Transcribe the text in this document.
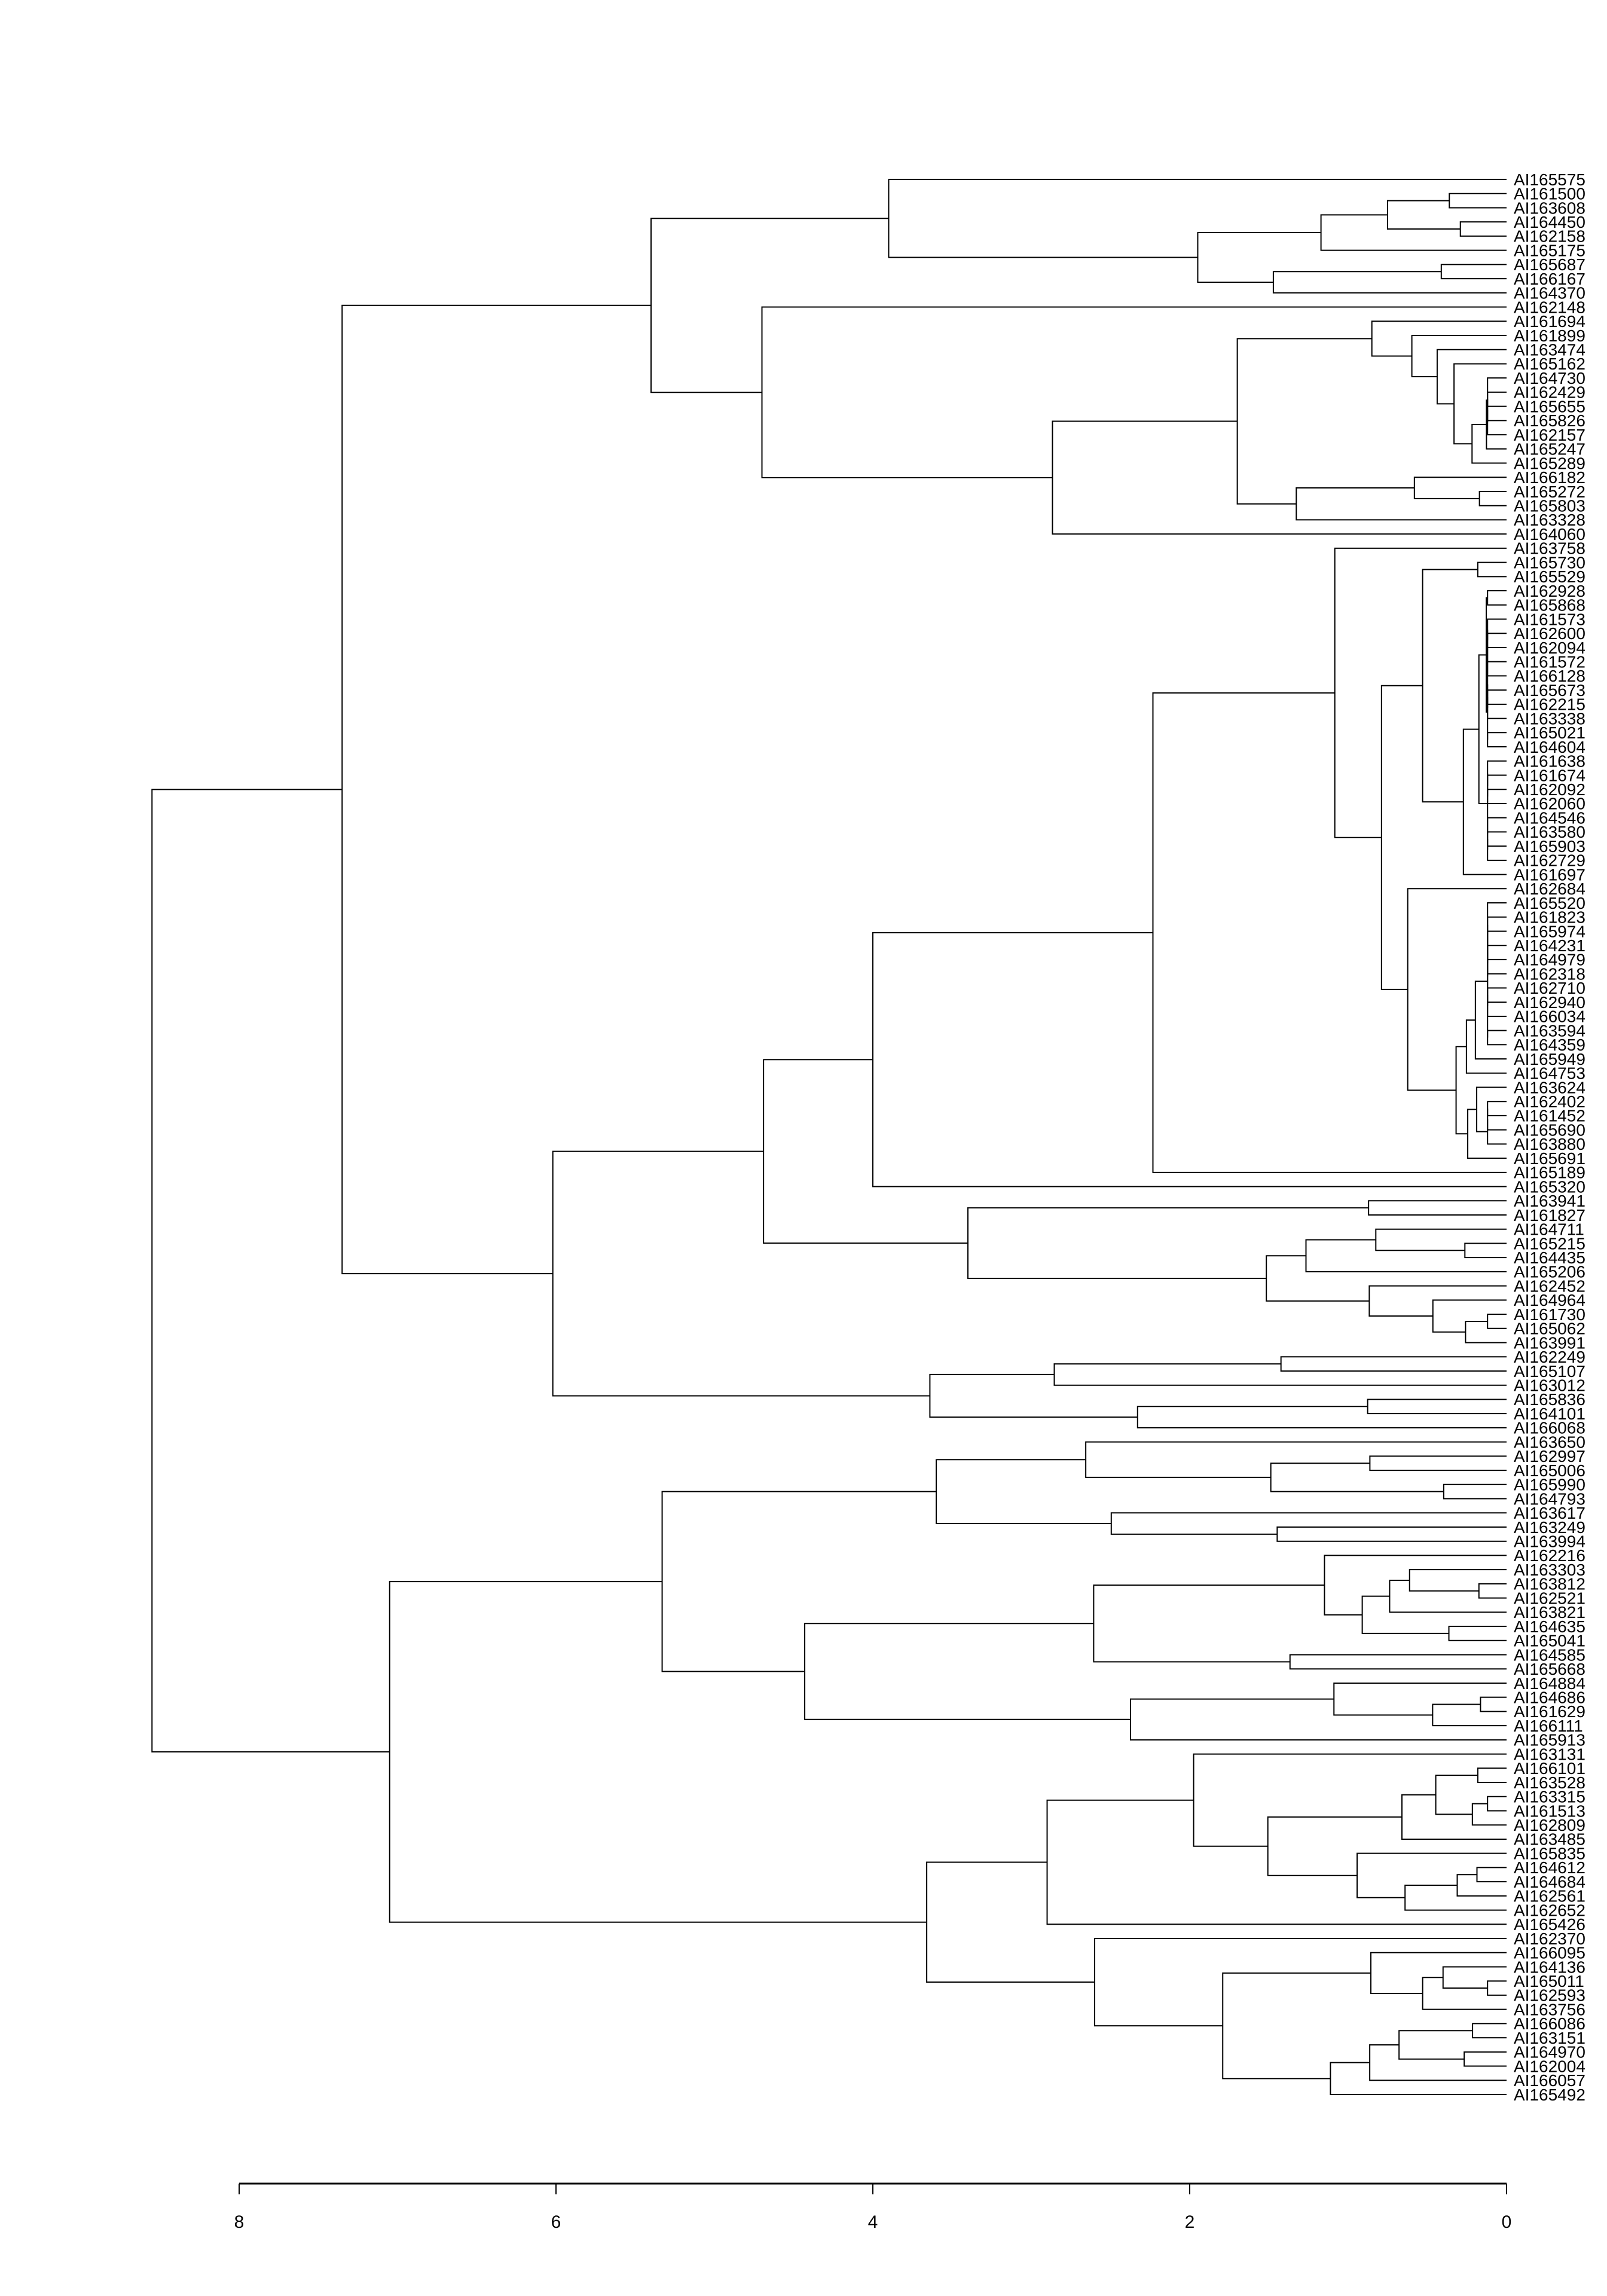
AI165575
AI161500
AI163608
AI164450
AI162158
AI165175
AI165687
AI166167
AI164370
AI162148
AI161694
AI161899
AI163474
AI165162
AI164730
AI162429
AI165655
AI165826
AI162157
AI165247
AI165289
AI166182
AI165272
AI165803
AI163328
AI164060
AI163758
AI165730
AI165529
AI162928
AI165868
AI161573
AI162600
AI162094
AI161572
AI166128
AI165673
AI162215
AI163338
AI165021
AI164604
AI161638
AI161674
AI162092
AI162060
AI164546
AI163580
AI165903
AI162729
AI161697
AI162684
AI165520
AI161823
AI165974
AI164231
AI164979
AI162318
AI162710
AI162940
AI166034
AI163594
AI164359
AI165949
AI164753
AI163624
AI162402
AI161452
AI165690
AI163880
AI165691
AI165189
AI165320
AI163941
AI161827
AI164711
AI165215
AI164435
AI165206
AI162452
AI164964
AI161730
AI165062
AI163991
AI162249
AI165107
AI163012
AI165836
AI164101
AI166068
AI163650
AI162997
AI165006
AI165990
AI164793
AI163617
AI163249
AI163994
AI162216
AI163303
AI163812
AI162521
AI163821
AI164635
AI165041
AI164585
AI165668
AI164884
AI164686
AI161629
AI166111
AI165913
AI163131
AI166101
AI163528
AI163315
AI161513
AI162809
AI163485
AI165835
AI164612
AI164684
AI162561
AI162652
AI165426
AI162370
AI166095
AI164136
AI165011
AI162593
AI163756
AI166086
AI163151
AI164970
AI162004
AI166057
AI165492
8	6	4	2	0
